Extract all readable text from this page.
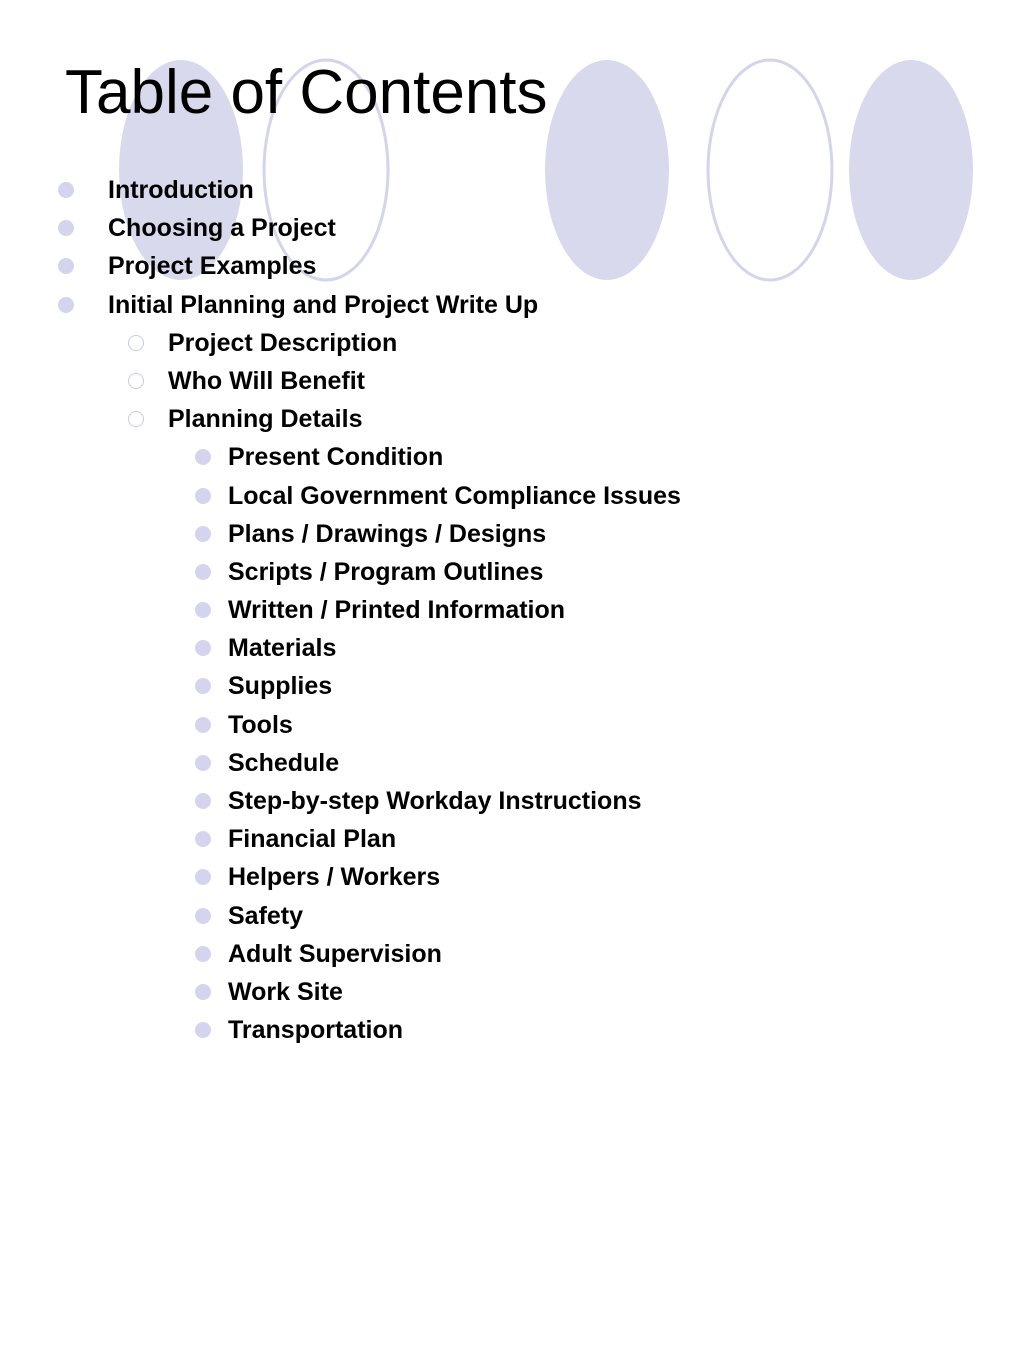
Table of Contents
Introduction
Choosing a Project
Project Examples
Initial Planning and Project Write Up
Project Description
Who Will Benefit
Planning Details
Present Condition
Local Government Compliance Issues
Plans / Drawings / Designs
Scripts / Program Outlines
Written / Printed Information
Materials
Supplies
Tools
Schedule
Step-by-step Workday Instructions
Financial Plan
Helpers / Workers
Safety
Adult Supervision
Work Site
Transportation
